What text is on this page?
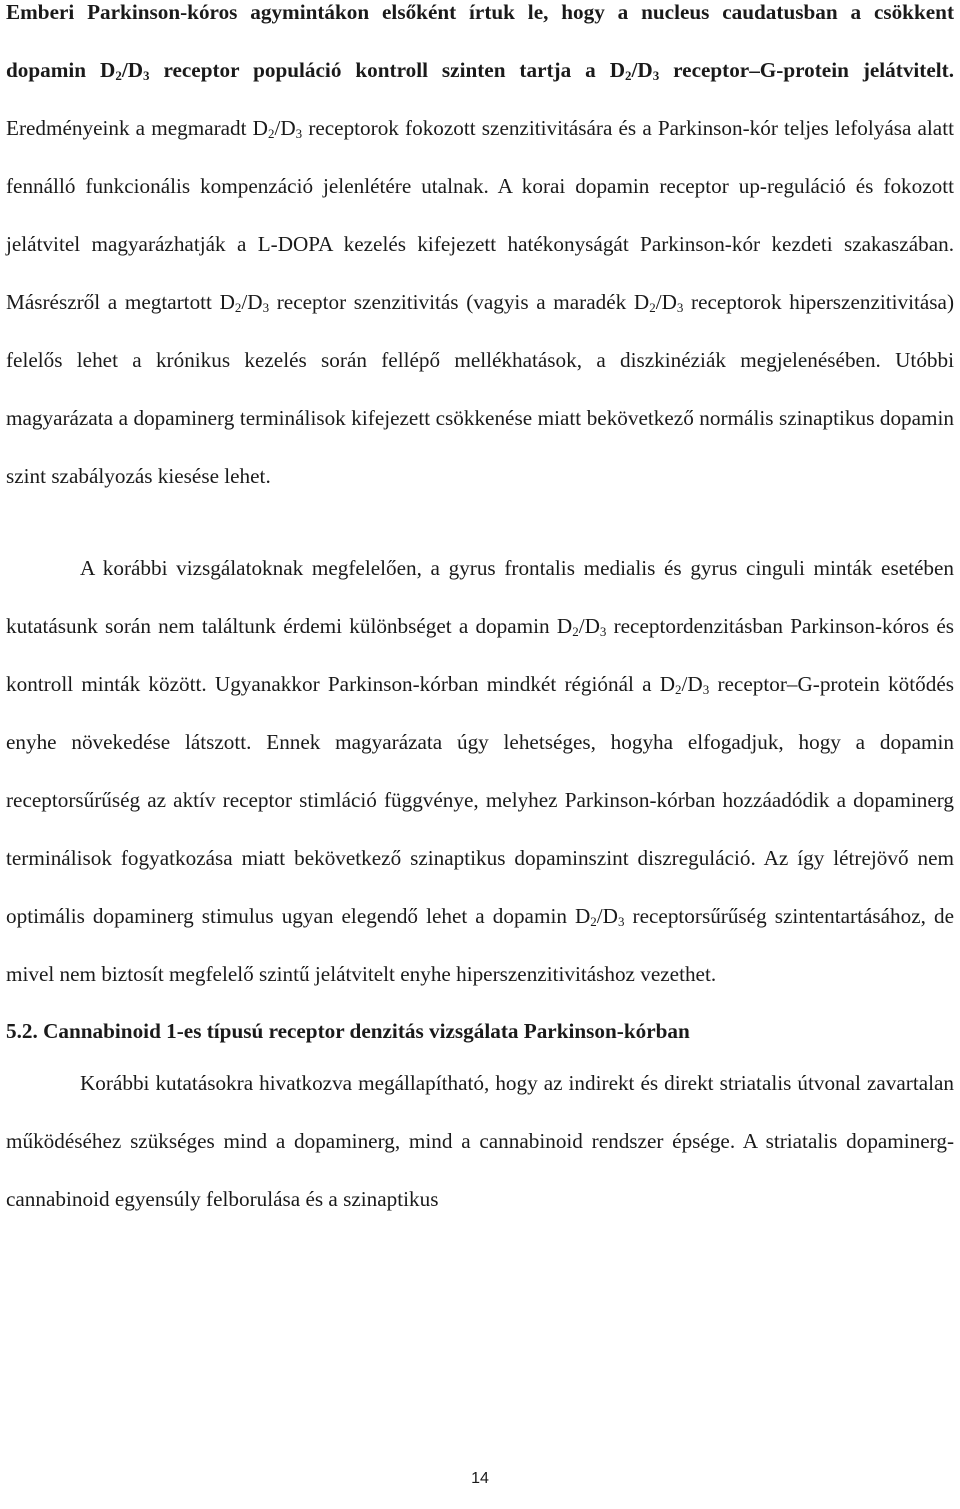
Emberi Parkinson-kóros agymintákon elsőként írtuk le, hogy a nucleus caudatusban a csökkent dopamin $D_2/D_3$ receptor populáció kontroll szinten tartja a $D_2/D_3$ receptor–G-protein jelátvitelt. Eredményeink a megmaradt $D_2/D_3$ receptorok fokozott szenzitivitására és a Parkinson-kór teljes lefolyása alatt fennálló funkcionális kompenzáció jelenlétére utalnak. A korai dopamin receptor up-reguláció és fokozott jelátvitel magyarázhatják a L-DOPA kezelés kifejezett hatékonyságát Parkinson-kór kezdeti szakaszában. Másrészről a megtartott $D_2/D_3$ receptor szenzitivitás (vagyis a maradék $D_2/D_3$ receptorok hiperszenzitivitása) felelős lehet a krónikus kezelés során fellépő mellékhatások, a diszkinéziák megjelenésében. Utóbbi magyarázata a dopaminerg terminálisok kifejezett csökkenése miatt bekövetkező normális szinaptikus dopamin szint szabályozás kiesése lehet.

A korábbi vizsgálatoknak megfelelően, a gyrus frontalis medialis és gyrus cinguli minták esetében kutatásunk során nem találtunk érdemi különbséget a dopamin $D_2/D_3$ receptordenzitásban Parkinson-kóros és kontroll minták között. Ugyanakkor Parkinson-kórban mindkét régiónál a $D_2/D_3$ receptor–G-protein kötődés enyhe növekedése látszott. Ennek magyarázata úgy lehetséges, hogyha elfogadjuk, hogy a dopamin receptorsűrűség az aktív receptor stimláció függvénye, melyhez Parkinson-kórban hozzáadódik a dopaminerg terminálisok fogyatkozása miatt bekövetkező szinaptikus dopaminszint diszreguláció. Az így létrejövő nem optimális dopaminerg stimulus ugyan elegendő lehet a dopamin $D_2/D_3$ receptorsűrűség szintentartásához, de mivel nem biztosít megfelelő szintű jelátvitelt enyhe hiperszenzitivitáshoz vezethet.

5.2. Cannabinoid 1-es típusú receptor denzitás vizsgálata Parkinson-kórban

Korábbi kutatásokra hivatkozva megállapítható, hogy az indirekt és direkt striatalis útvonal zavartalan működéséhez szükséges mind a dopaminerg, mind a cannabinoid rendszer épsége. A striatalis dopaminerg-cannabinoid egyensúly felborulása és a szinaptikus

14
